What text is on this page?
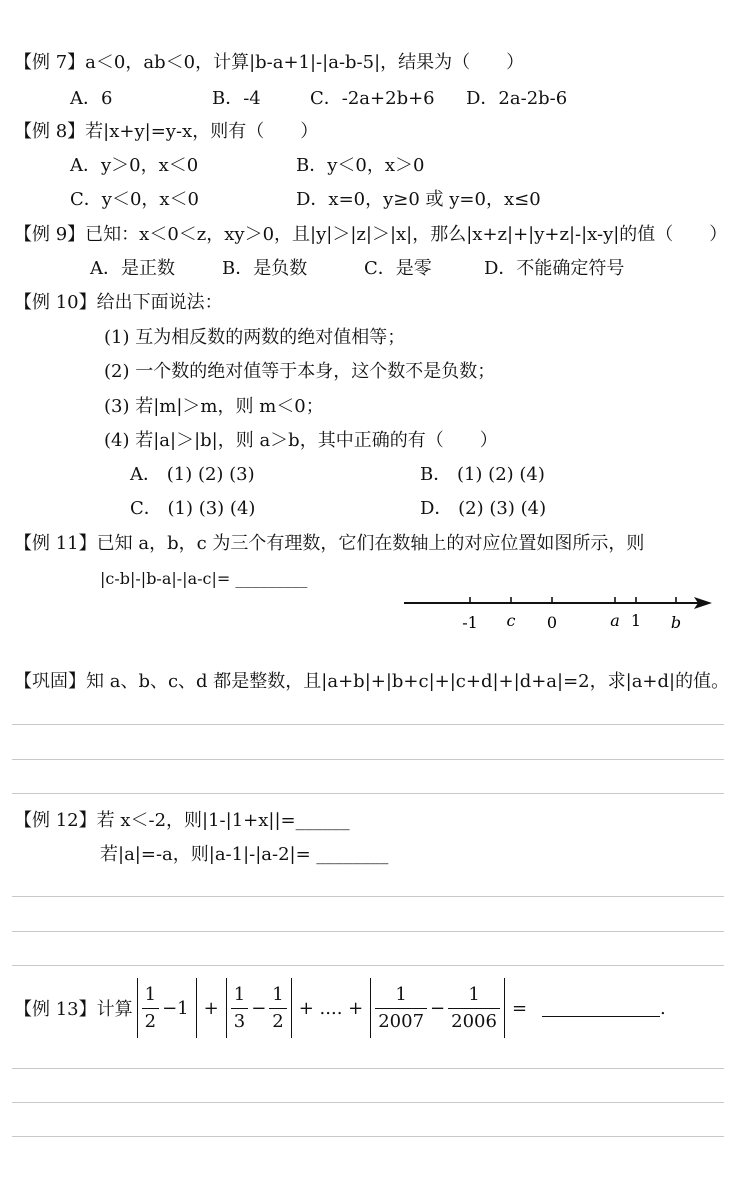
【例 7】a＜0，ab＜0，计算|b-a+1|-|a-b-5|，结果为（　　）
A．6	B．-4	C．-2a+2b+6 D．2a-2b-6
【例 8】若|x+y|=y-x，则有（　　）
A．y＞0，x＜0	B．y＜0，x＞0
C．y＜0，x＜0	D．x=0，y≥0 或 y=0，x≤0
【例 9】已知：x＜0＜z，xy＞0，且|y|＞|z|＞|x|，那么|x+z|+|y+z|-|x-y|的值（　　）
A．是正数	B．是负数	C．是零	D．不能确定符号
【例 10】给出下面说法：
(1) 互为相反数的两数的绝对值相等；
(2) 一个数的绝对值等于本身，这个数不是负数；
(3) 若|m|＞m，则 m＜0；
(4) 若|a|＞|b|，则 a＞b，其中正确的有（　　）
A． (1) (2) (3)	B． (1) (2) (4)
C． (1) (3) (4)	D． (2) (3) (4)
【例 11】已知 a，b，c 为三个有理数，它们在数轴上的对应位置如图所示，则
|c-b|-|b-a|-|a-c|= _________
-1 c 0	a 1 b
【巩固】知 a、b、c、d 都是整数，且|a+b|+|b+c|+|c+d|+|d+a|=2，求|a+d|的值。
【例 12】若 x＜-2，则|1-|1+x||=______
若|a|=-a，则|a-1|-|a-2|= ________
【例 13】计算 $\frac{1}{2} -1 + \frac{1}{3} - \frac{1}{2}$ + .... + $\frac{1}{2007} - \frac{1}{2006}$ =	.
